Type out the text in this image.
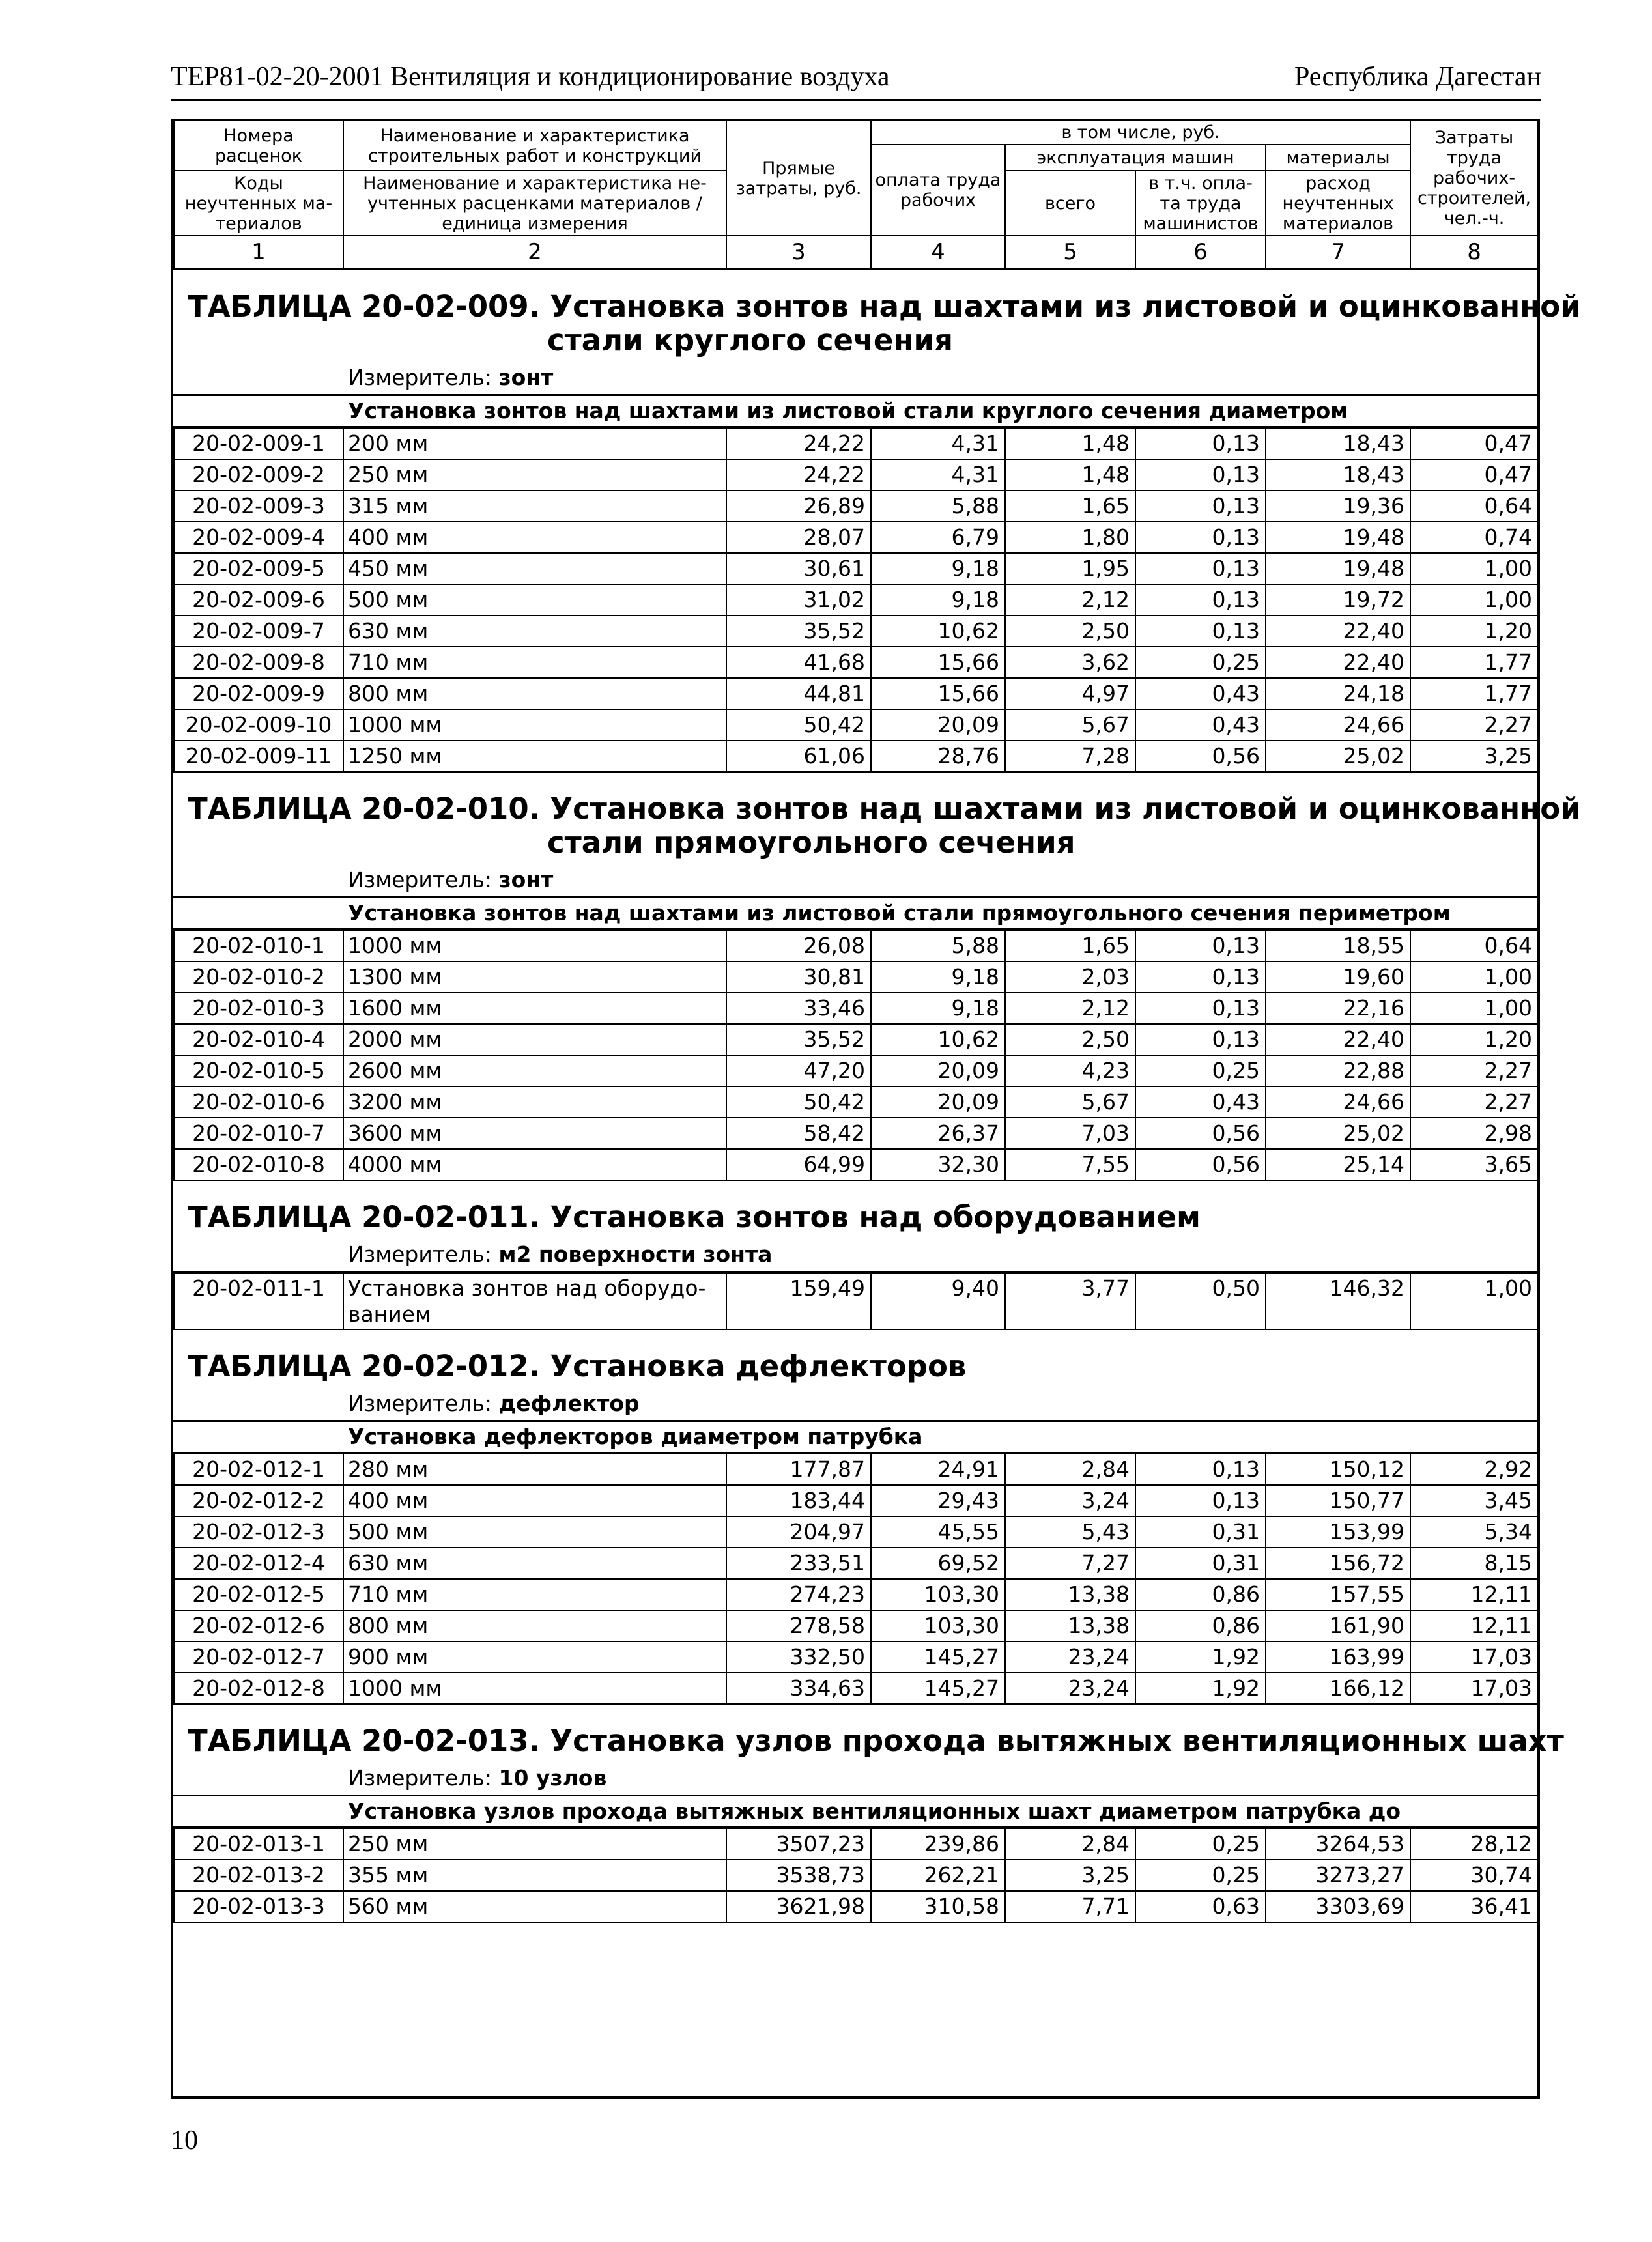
ТЕР81-02-20-2001 Вентиляция и кондиционирование воздуха	Республика Дагестан
Номера расценок	Наименование и характеристика строительных работ и конструкций	Прямые затраты, руб.	в том числе, руб.				Затраты труда рабочих-строителей, чел.-ч.
			оплата труда рабочих	эксплуатация машин		материалы	
Коды неучтенных ма-териалов	Наименование и характеристика не-учтенных расценками материалов / единица измерения			всего	в т.ч. опла-та труда машинистов	расход неучтенных материалов	

1	2	3	4	5	6	7	8
ТАБЛИЦА 20-02-009. Установка зонтов над шахтами из листовой и оцинкованной
стали круглого сечения
Измеритель: зонт
Установка зонтов над шахтами из листовой стали круглого сечения диаметром
20-02-009-1	200 мм	24,22	4,31	1,48	0,13	18,43	0,47
20-02-009-2	250 мм	24,22	4,31	1,48	0,13	18,43	0,47
20-02-009-3	315 мм	26,89	5,88	1,65	0,13	19,36	0,64
20-02-009-4	400 мм	28,07	6,79	1,80	0,13	19,48	0,74
20-02-009-5	450 мм	30,61	9,18	1,95	0,13	19,48	1,00
20-02-009-6	500 мм	31,02	9,18	2,12	0,13	19,72	1,00
20-02-009-7	630 мм	35,52	10,62	2,50	0,13	22,40	1,20
20-02-009-8	710 мм	41,68	15,66	3,62	0,25	22,40	1,77
20-02-009-9	800 мм	44,81	15,66	4,97	0,43	24,18	1,77
20-02-009-10	1000 мм	50,42	20,09	5,67	0,43	24,66	2,27
20-02-009-11	1250 мм	61,06	28,76	7,28	0,56	25,02	3,25
ТАБЛИЦА 20-02-010. Установка зонтов над шахтами из листовой и оцинкованной
стали прямоугольного сечения
Измеритель: зонт
Установка зонтов над шахтами из листовой стали прямоугольного сечения периметром
20-02-010-1	1000 мм	26,08	5,88	1,65	0,13	18,55	0,64
20-02-010-2	1300 мм	30,81	9,18	2,03	0,13	19,60	1,00
20-02-010-3	1600 мм	33,46	9,18	2,12	0,13	22,16	1,00
20-02-010-4	2000 мм	35,52	10,62	2,50	0,13	22,40	1,20
20-02-010-5	2600 мм	47,20	20,09	4,23	0,25	22,88	2,27
20-02-010-6	3200 мм	50,42	20,09	5,67	0,43	24,66	2,27
20-02-010-7	3600 мм	58,42	26,37	7,03	0,56	25,02	2,98
20-02-010-8	4000 мм	64,99	32,30	7,55	0,56	25,14	3,65
ТАБЛИЦА 20-02-011. Установка зонтов над оборудованием
Измеритель: м2 поверхности зонта
20-02-011-1	Установка зонтов над оборудо-ванием	159,49	9,40	3,77	0,50	146,32	1,00
ТАБЛИЦА 20-02-012. Установка дефлекторов
Измеритель: дефлектор
Установка дефлекторов диаметром патрубка
20-02-012-1	280 мм	177,87	24,91	2,84	0,13	150,12	2,92
20-02-012-2	400 мм	183,44	29,43	3,24	0,13	150,77	3,45
20-02-012-3	500 мм	204,97	45,55	5,43	0,31	153,99	5,34
20-02-012-4	630 мм	233,51	69,52	7,27	0,31	156,72	8,15
20-02-012-5	710 мм	274,23	103,30	13,38	0,86	157,55	12,11
20-02-012-6	800 мм	278,58	103,30	13,38	0,86	161,90	12,11
20-02-012-7	900 мм	332,50	145,27	23,24	1,92	163,99	17,03
20-02-012-8	1000 мм	334,63	145,27	23,24	1,92	166,12	17,03
ТАБЛИЦА 20-02-013. Установка узлов прохода вытяжных вентиляционных шахт
Измеритель: 10 узлов
Установка узлов прохода вытяжных вентиляционных шахт диаметром патрубка до
20-02-013-1	250 мм	3507,23	239,86	2,84	0,25	3264,53	28,12
20-02-013-2	355 мм	3538,73	262,21	3,25	0,25	3273,27	30,74
20-02-013-3	560 мм	3621,98	310,58	7,71	0,63	3303,69	36,41
10
